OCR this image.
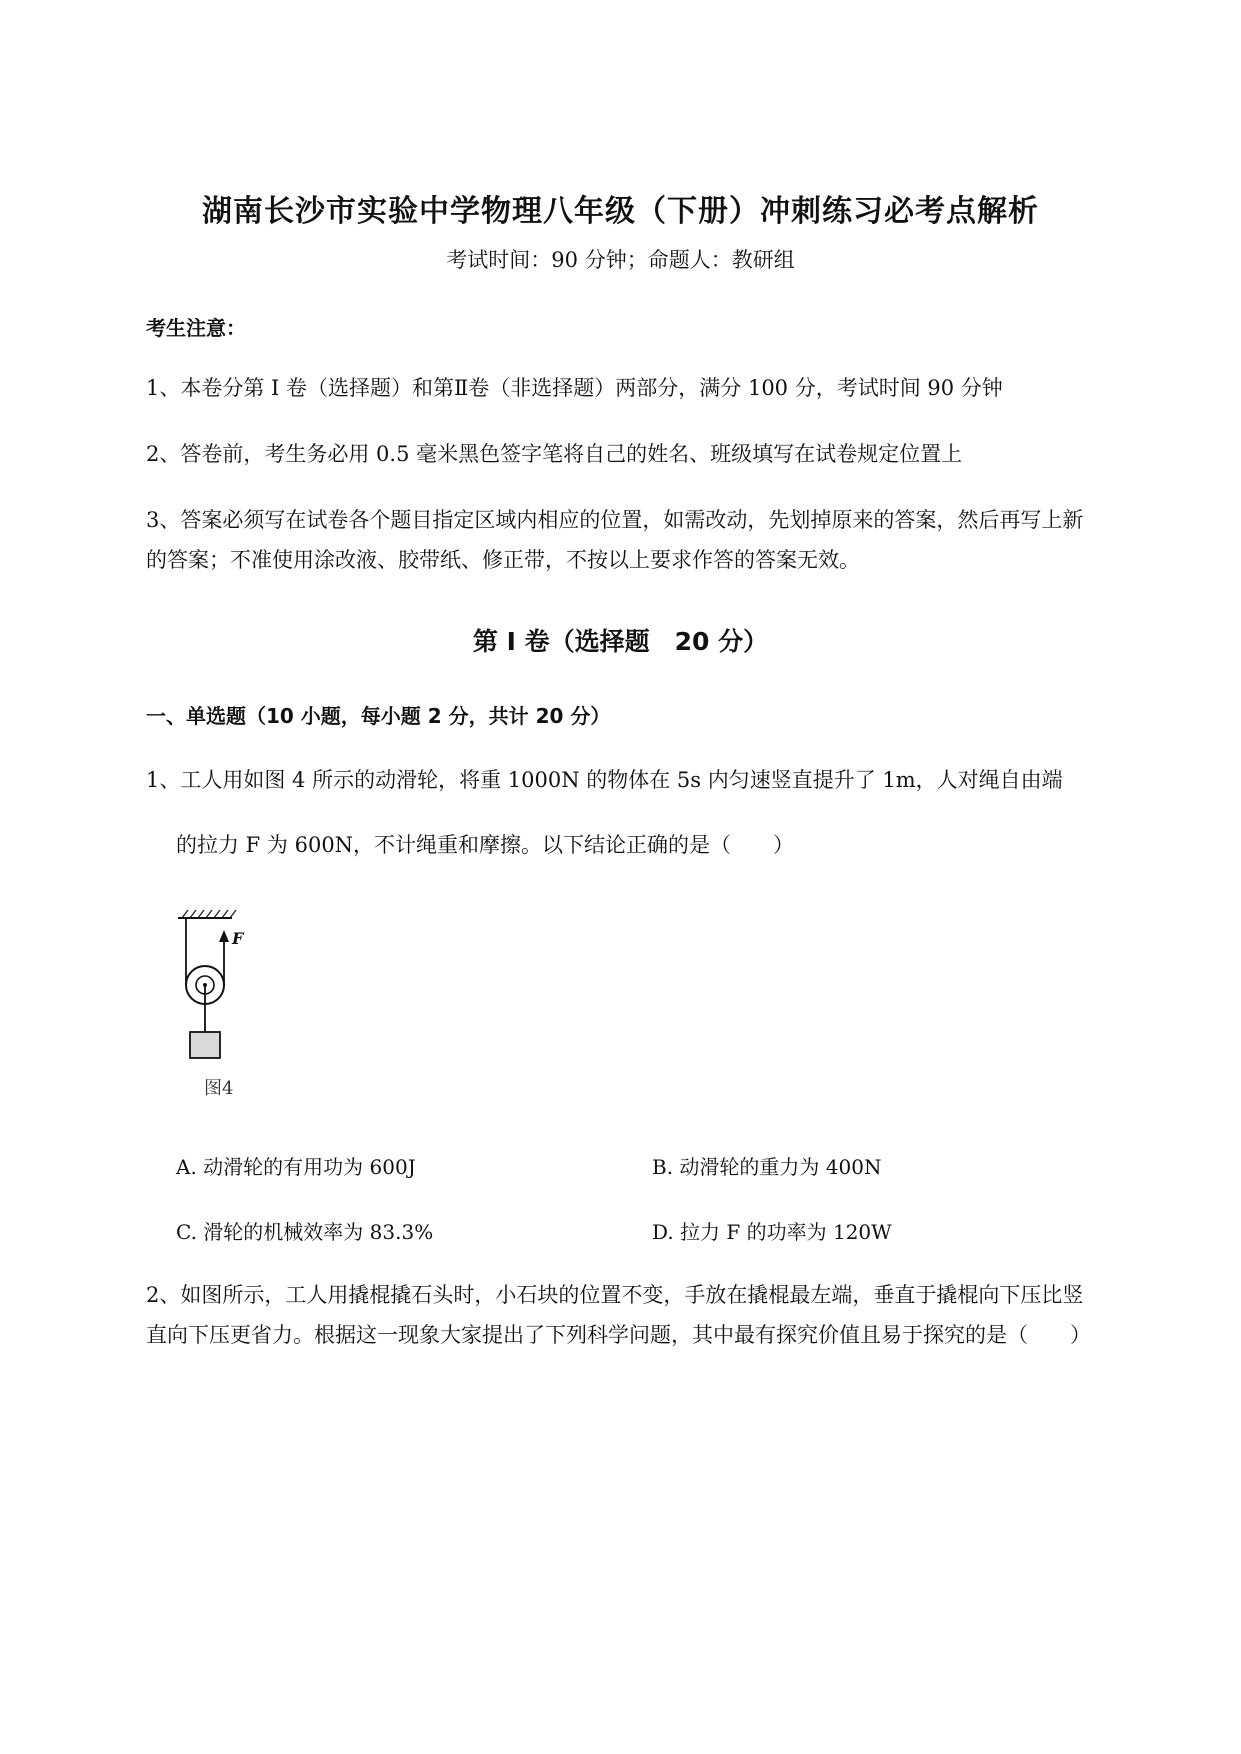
湖南长沙市实验中学物理八年级（下册）冲刺练习必考点解析
考试时间：90 分钟；命题人：教研组
考生注意：
1、本卷分第 I 卷（选择题）和第Ⅱ卷（非选择题）两部分，满分 100 分，考试时间 90 分钟
2、答卷前，考生务必用 0.5 毫米黑色签字笔将自己的姓名、班级填写在试卷规定位置上
3、答案必须写在试卷各个题目指定区域内相应的位置，如需改动，先划掉原来的答案，然后再写上新
的答案；不准使用涂改液、胶带纸、修正带，不按以上要求作答的答案无效。
第 I 卷（选择题　20 分）
一、单选题（10 小题，每小题 2 分，共计 20 分）
1、工人用如图 4 所示的动滑轮，将重 1000N 的物体在 5s 内匀速竖直提升了 1m，人对绳自由端
的拉力 F 为 600N，不计绳重和摩擦。以下结论正确的是（　　）
F
图4
A. 动滑轮的有用功为 600J	B. 动滑轮的重力为 400N
C. 滑轮的机械效率为 83.3%	D. 拉力 F 的功率为 120W
2、如图所示，工人用撬棍撬石头时，小石块的位置不变，手放在撬棍最左端，垂直于撬棍向下压比竖
直向下压更省力。根据这一现象大家提出了下列科学问题，其中最有探究价值且易于探究的是（　　）
